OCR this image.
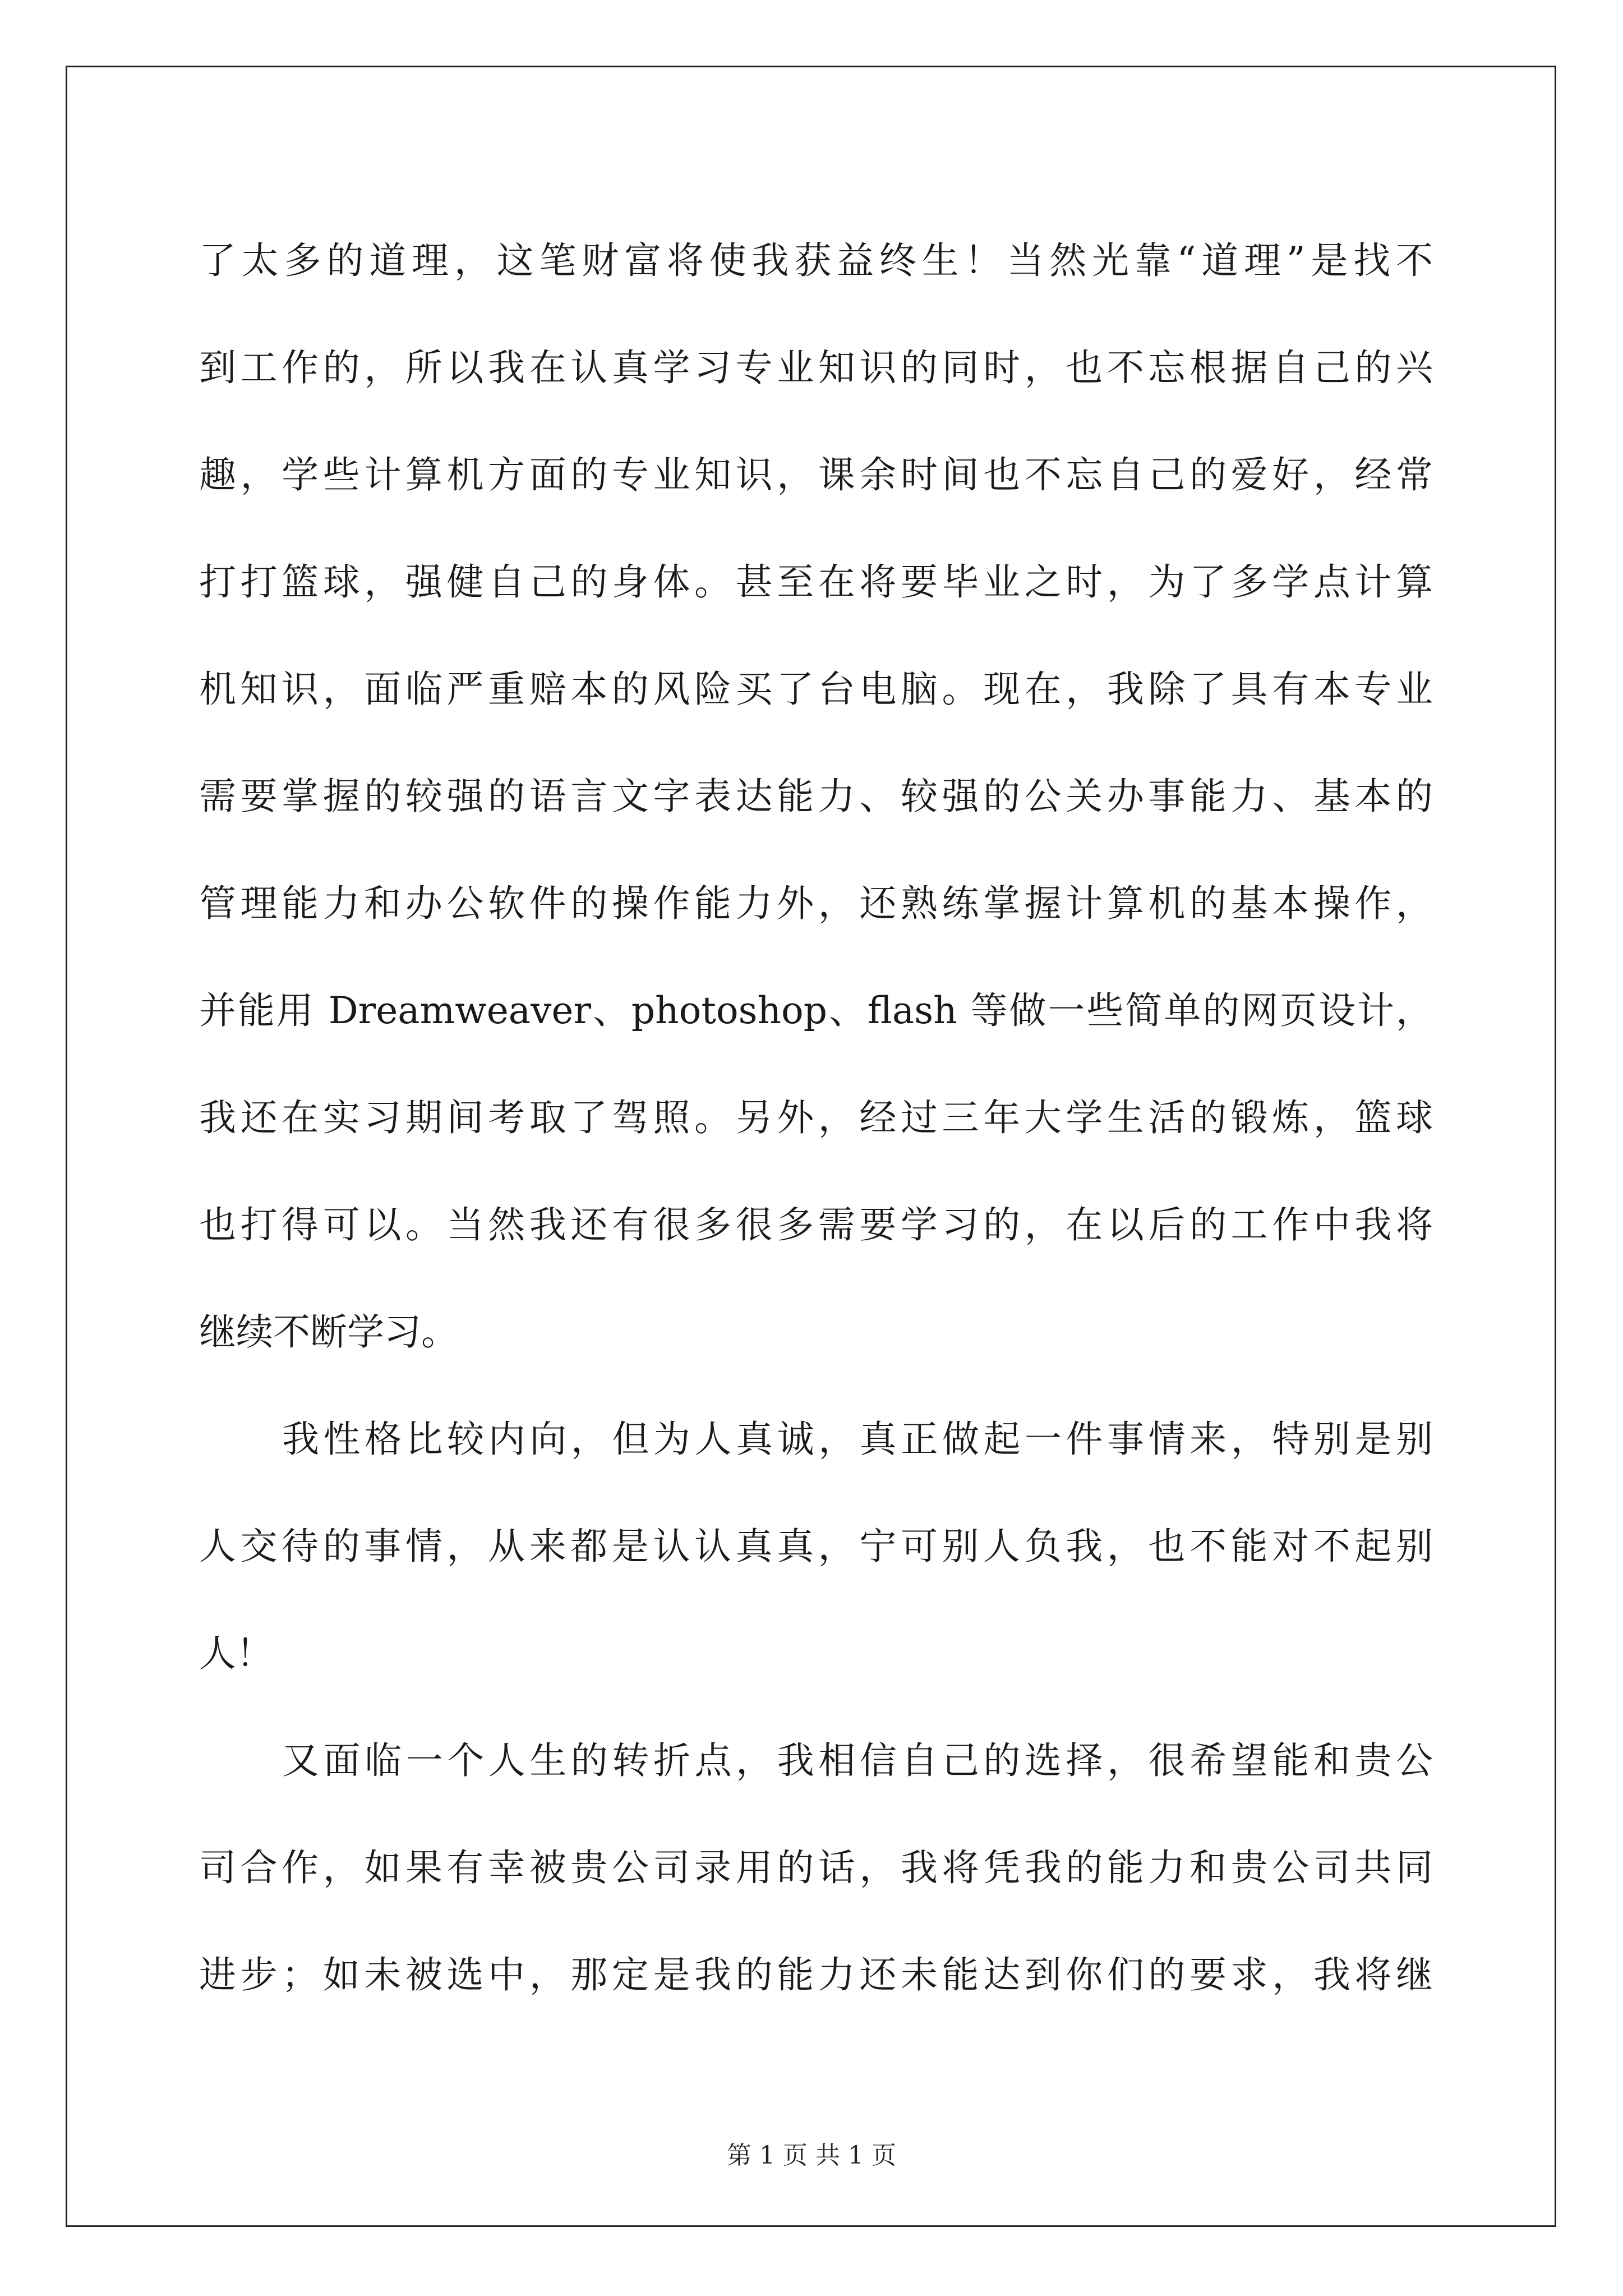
了太多的道理，这笔财富将使我获益终生！当然光靠“道理”是找不
到工作的，所以我在认真学习专业知识的同时，也不忘根据自己的兴
趣，学些计算机方面的专业知识，课余时间也不忘自己的爱好，经常
打打篮球，强健自己的身体。甚至在将要毕业之时，为了多学点计算
机知识，面临严重赔本的风险买了台电脑。现在，我除了具有本专业
需要掌握的较强的语言文字表达能力、较强的公关办事能力、基本的
管理能力和办公软件的操作能力外，还熟练掌握计算机的基本操作，
并能用 Dreamweaver、photoshop、flash 等做一些简单的网页设计，
我还在实习期间考取了驾照。另外，经过三年大学生活的锻炼，篮球
也打得可以。当然我还有很多很多需要学习的，在以后的工作中我将
继续不断学习。
我性格比较内向，但为人真诚，真正做起一件事情来，特别是别
人交待的事情，从来都是认认真真，宁可别人负我，也不能对不起别
人！
又面临一个人生的转折点，我相信自己的选择，很希望能和贵公
司合作，如果有幸被贵公司录用的话，我将凭我的能力和贵公司共同
进步；如未被选中，那定是我的能力还未能达到你们的要求，我将继
第 1 页 共 1 页
